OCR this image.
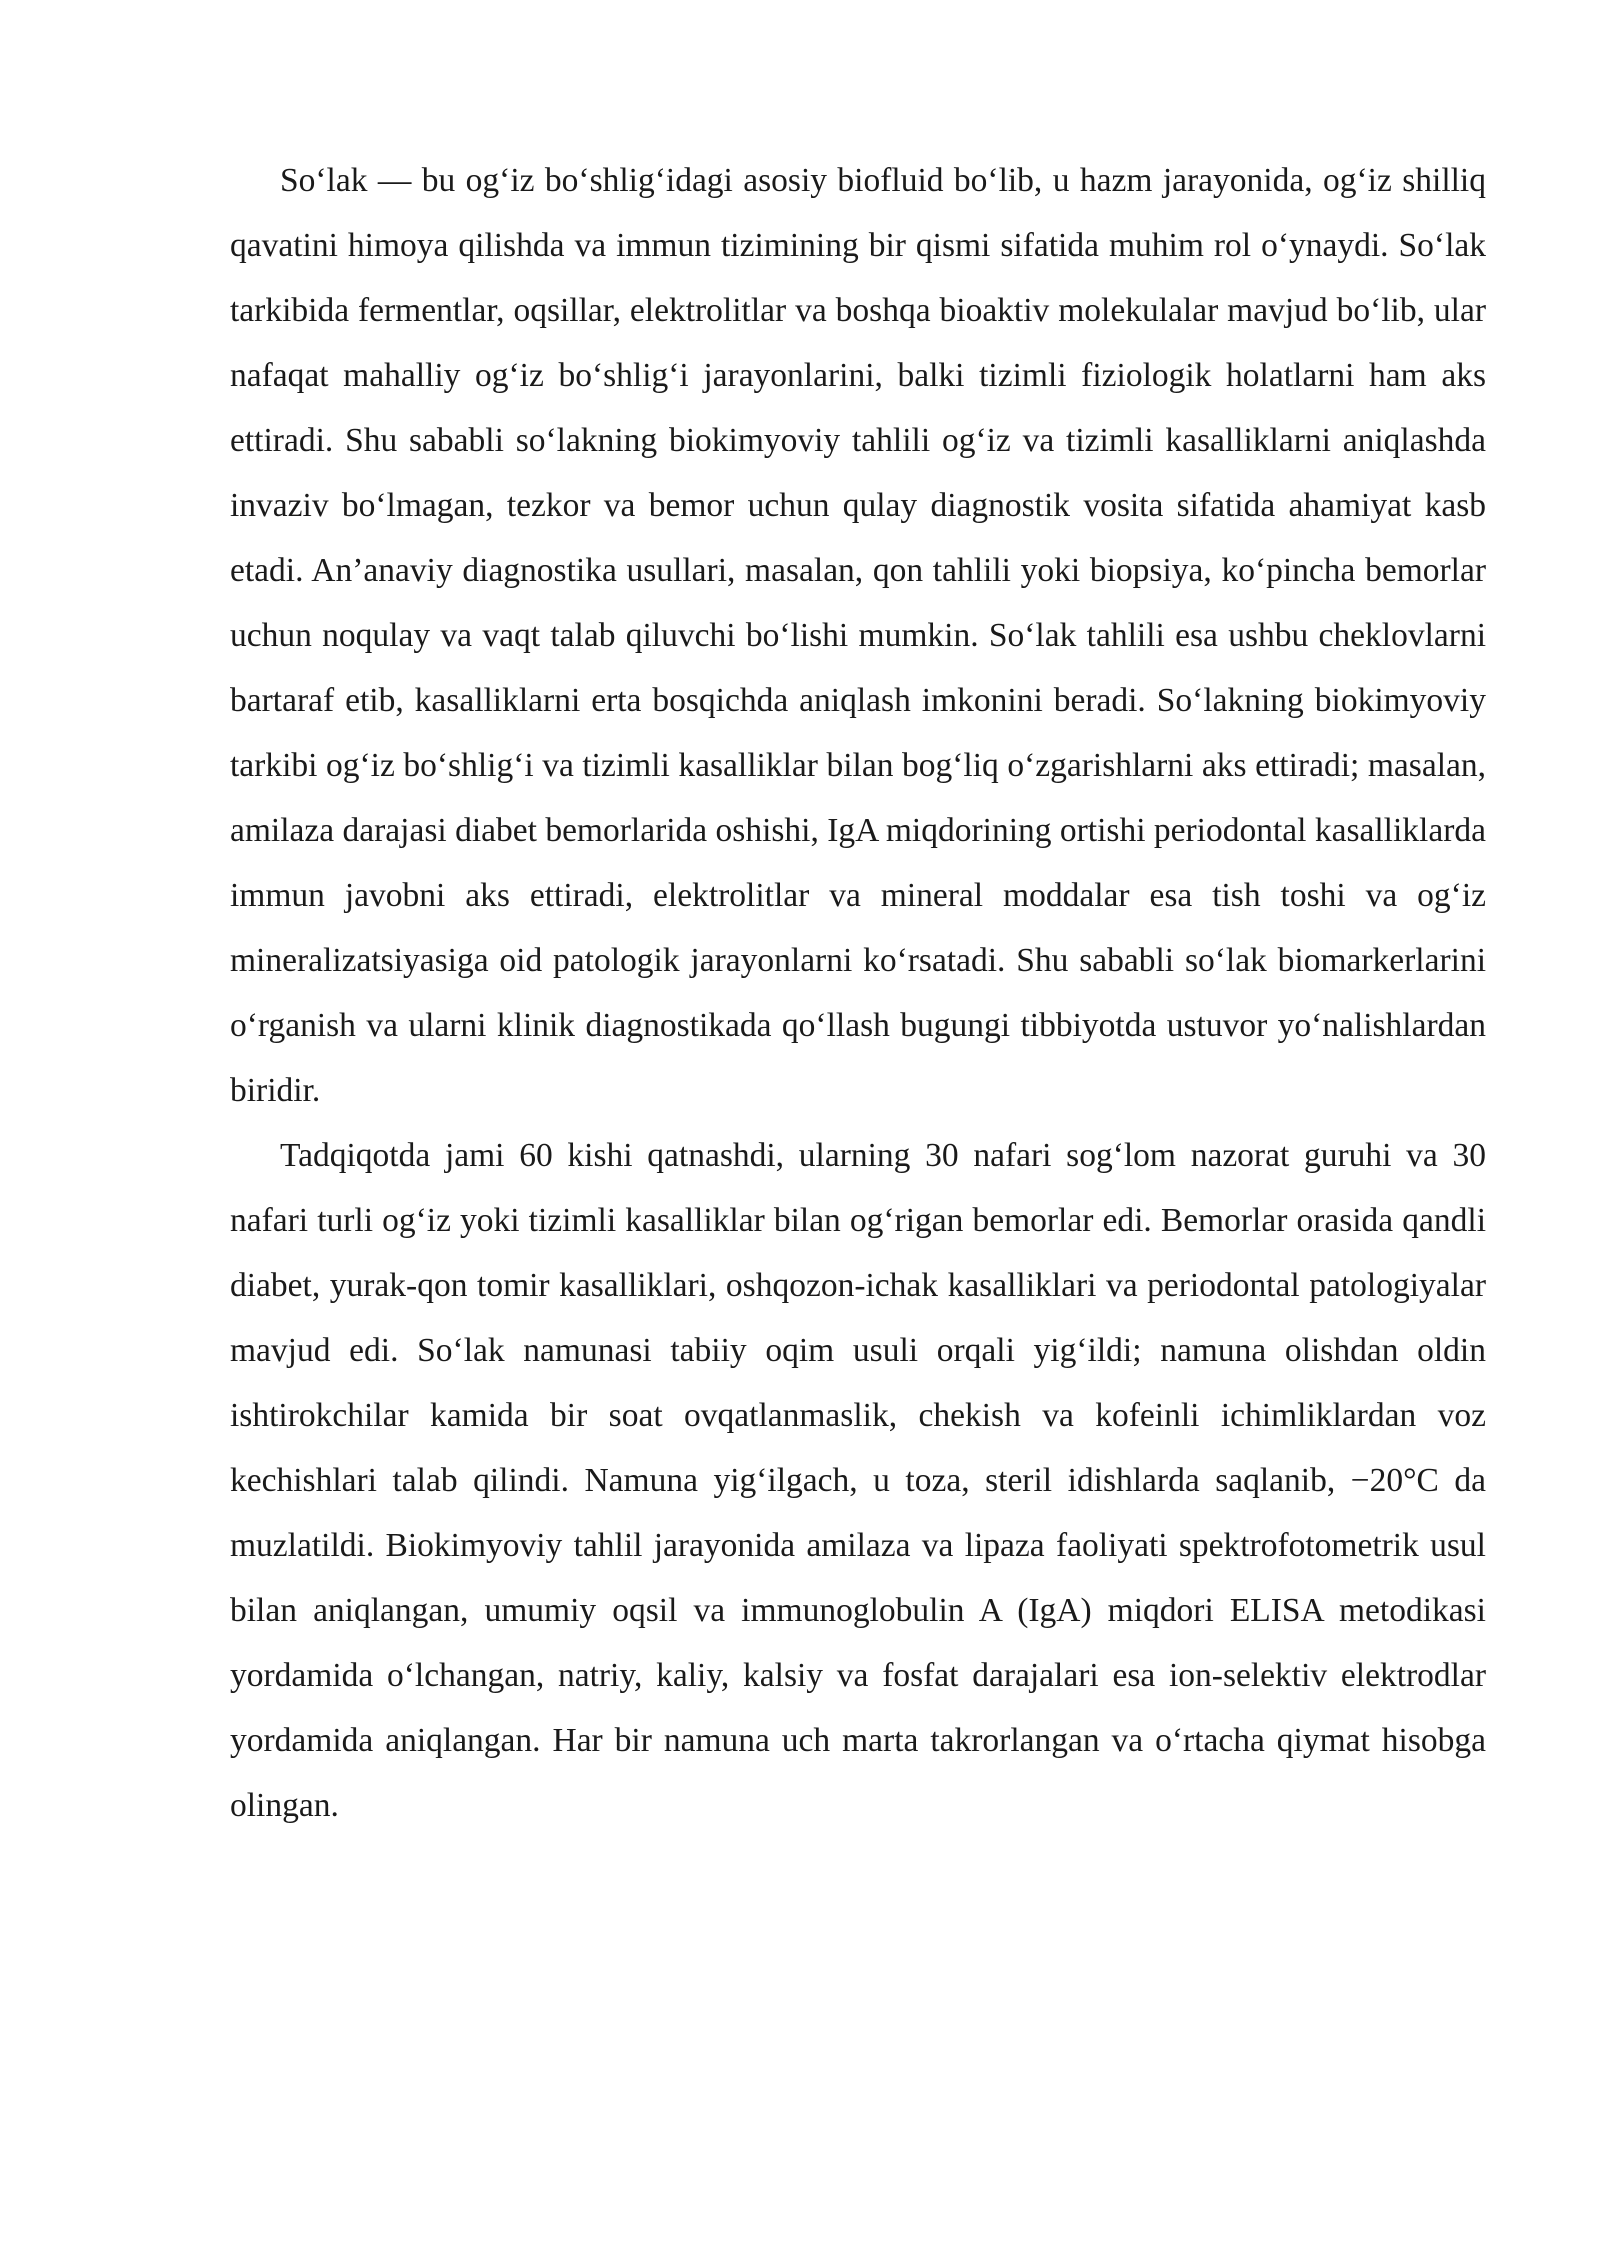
So‘lak — bu og‘iz bo‘shlig‘idagi asosiy biofluid bo‘lib, u hazm jarayonida, og‘iz shilliq qavatini himoya qilishda va immun tizimining bir qismi sifatida muhim rol o‘ynaydi. So‘lak tarkibida fermentlar, oqsillar, elektrolitlar va boshqa bioaktiv molekulalar mavjud bo‘lib, ular nafaqat mahalliy og‘iz bo‘shlig‘i jarayonlarini, balki tizimli fiziologik holatlarni ham aks ettiradi. Shu sababli so‘lakning biokimyoviy tahlili og‘iz va tizimli kasalliklarni aniqlashda invaziv bo‘lmagan, tezkor va bemor uchun qulay diagnostik vosita sifatida ahamiyat kasb etadi. An’anaviy diagnostika usullari, masalan, qon tahlili yoki biopsiya, ko‘pincha bemorlar uchun noqulay va vaqt talab qiluvchi bo‘lishi mumkin. So‘lak tahlili esa ushbu cheklovlarni bartaraf etib, kasalliklarni erta bosqichda aniqlash imkonini beradi. So‘lakning biokimyoviy tarkibi og‘iz bo‘shlig‘i va tizimli kasalliklar bilan bog‘liq o‘zgarishlarni aks ettiradi; masalan, amilaza darajasi diabet bemorlarida oshishi, IgA miqdorining ortishi periodontal kasalliklarda immun javobni aks ettiradi, elektrolitlar va mineral moddalar esa tish toshi va og‘iz mineralizatsiyasiga oid patologik jarayonlarni ko‘rsatadi. Shu sababli so‘lak biomarkerlarini o‘rganish va ularni klinik diagnostikada qo‘llash bugungi tibbiyotda ustuvor yo‘nalishlardan biridir.

Tadqiqotda jami 60 kishi qatnashdi, ularning 30 nafari sog‘lom nazorat guruhi va 30 nafari turli og‘iz yoki tizimli kasalliklar bilan og‘rigan bemorlar edi. Bemorlar orasida qandli diabet, yurak-qon tomir kasalliklari, oshqozon-ichak kasalliklari va periodontal patologiyalar mavjud edi. So‘lak namunasi tabiiy oqim usuli orqali yig‘ildi; namuna olishdan oldin ishtirokchilar kamida bir soat ovqatlanmaslik, chekish va kofeinli ichimliklardan voz kechishlari talab qilindi. Namuna yig‘ilgach, u toza, steril idishlarda saqlanib, −20°C da muzlatildi. Biokimyoviy tahlil jarayonida amilaza va lipaza faoliyati spektrofotometrik usul bilan aniqlangan, umumiy oqsil va immunoglobulin A (IgA) miqdori ELISA metodikasi yordamida o‘lchangan, natriy, kaliy, kalsiy va fosfat darajalari esa ion-selektiv elektrodlar yordamida aniqlangan. Har bir namuna uch marta takrorlangan va o‘rtacha qiymat hisobga olingan.
